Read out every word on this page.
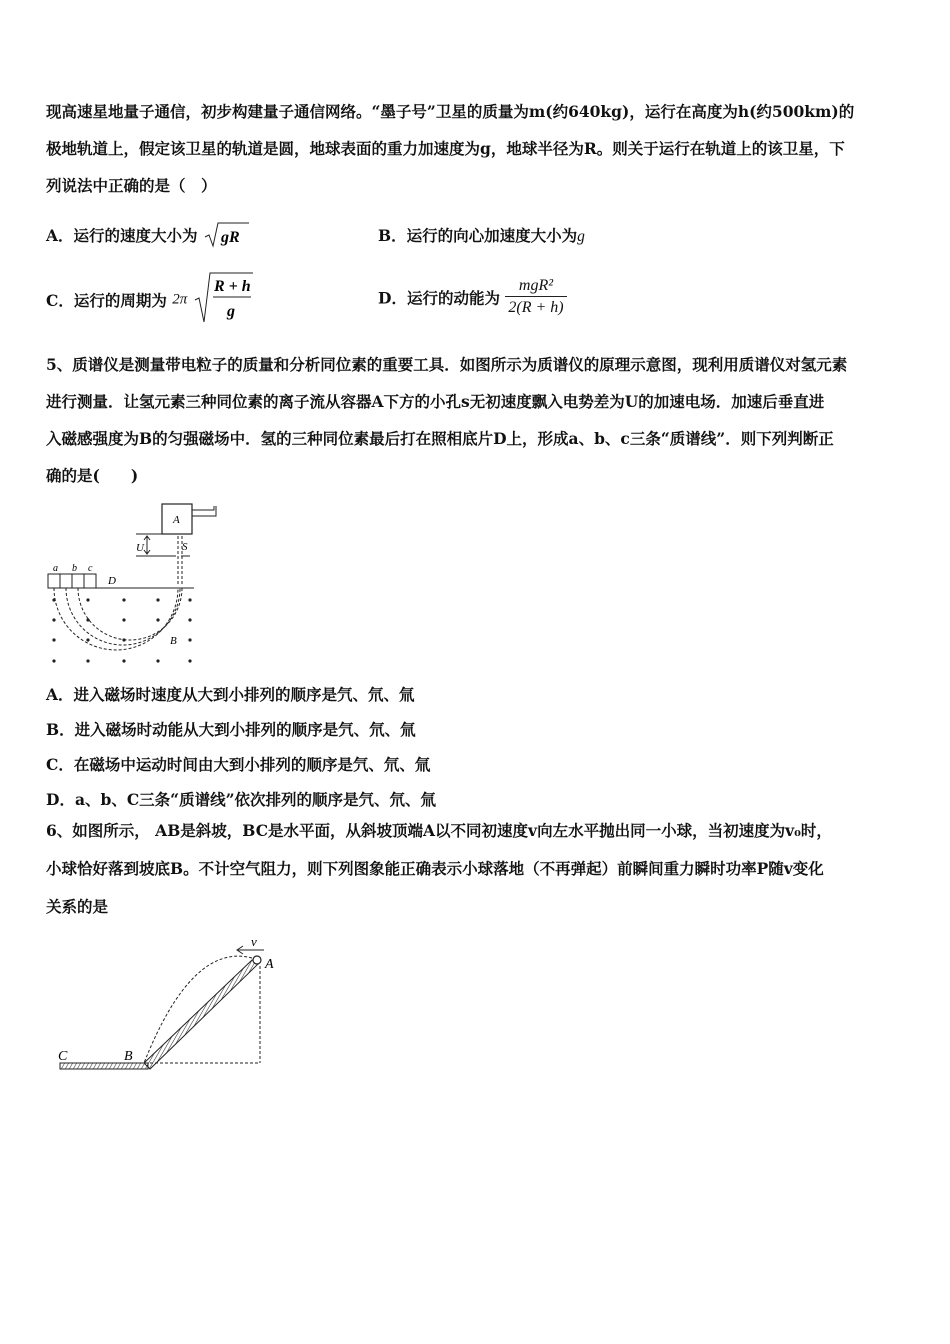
现高速星地量子通信，初步构建量子通信网络。“墨子号”卫星的质量为m(约640kg)，运行在高度为h(约500km)的
极地轨道上，假定该卫星的轨道是圆，地球表面的重力加速度为g，地球半径为R。则关于运行在轨道上的该卫星，下
列说法中正确的是（　）
A．运行的速度大小为 gR	B．运行的向心加速度大小为g
C．运行的周期为 2π
R + h
g
D．运行的动能为 $\frac{\text{mgR²}}{2(R + h)}$
5、质谱仪是测量带电粒子的质量和分析同位素的重要工具．如图所示为质谱仪的原理示意图，现利用质谱仪对氢元素
进行测量．让氢元素三种同位素的离子流从容器A下方的小孔s无初速度飘入电势差为U的加速电场．加速后垂直进
入磁感强度为B的匀强磁场中．氢的三种同位素最后打在照相底片D上，形成a、b、c三条“质谱线”．则下列判断正
确的是(　　)
A
U	S
a b c
D
B
A．进入磁场时速度从大到小排列的顺序是氕、氘、氚
B．进入磁场时动能从大到小排列的顺序是氕、氘、氚
C．在磁场中运动时间由大到小排列的顺序是氕、氘、氚
D．a、b、C三条“质谱线”依次排列的顺序是氕、氘、氚
6、如图所示， AB是斜坡，BC是水平面，从斜坡顶端A以不同初速度v向左水平抛出同一小球，当初速度为v₀时，
小球恰好落到坡底B。不计空气阻力，则下列图象能正确表示小球落地（不再弹起）前瞬间重力瞬时功率P随v变化
关系的是
v
A
B
C
